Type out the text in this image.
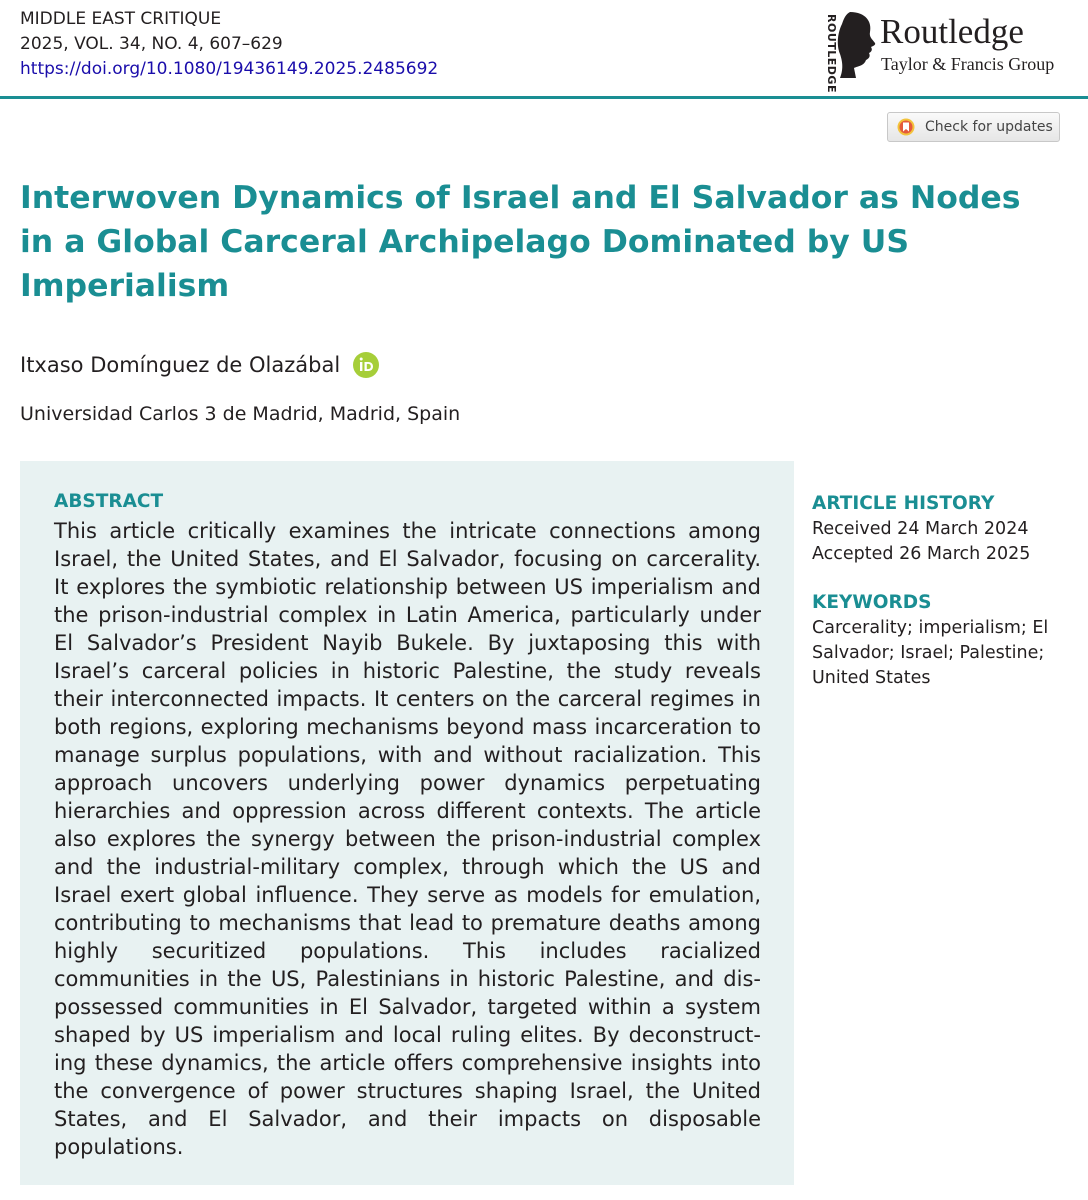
MIDDLE EAST CRITIQUE
2025, VOL. 34, NO. 4, 607–629
https://doi.org/10.1080/19436149.2025.2485692	ROUTLEDGE Routledge
Taylor & Francis Group
Check for updates
Interwoven Dynamics of Israel and El Salvador as Nodes in a Global Carceral Archipelago Dominated by US Imperialism
Itxaso Domínguez de Olazábal
Universidad Carlos 3 de Madrid, Madrid, Spain
ABSTRACT

This article critically examines the intricate connections among Israel, the United States, and El Salvador, focusing on carcerality. It explores the symbiotic relationship between US imperialism and the prison-industrial complex in Latin America, particularly under El Salvador’s President Nayib Bukele. By juxtaposing this with Israel’s carceral policies in historic Palestine, the study reveals their interconnected impacts. It centers on the carceral regimes in both regions, exploring mechanisms beyond mass incarceration to manage surplus populations, with and without racialization. This approach uncovers underlying power dynamics perpetuating hierarchies and oppression across different contexts. The article also explores the synergy between the prison-industrial complex and the industrial-military complex, through which the US and Israel exert global influence. They serve as models for emulation, contributing to mechanisms that lead to premature deaths among highly securitized populations. This includes racialized communities in the US, Palestinians in historic Palestine, and dispossessed communities in El Salvador, targeted within a system shaped by US imperialism and local ruling elites. By deconstructing these dynamics, the article offers comprehensive insights into the convergence of power structures shaping Israel, the United States, and El Salvador, and their impacts on disposable populations.

ARTICLE HISTORY

Received 24 March 2024

Accepted 26 March 2025

KEYWORDS

Carcerality; imperialism; El Salvador; Israel; Palestine; United States
